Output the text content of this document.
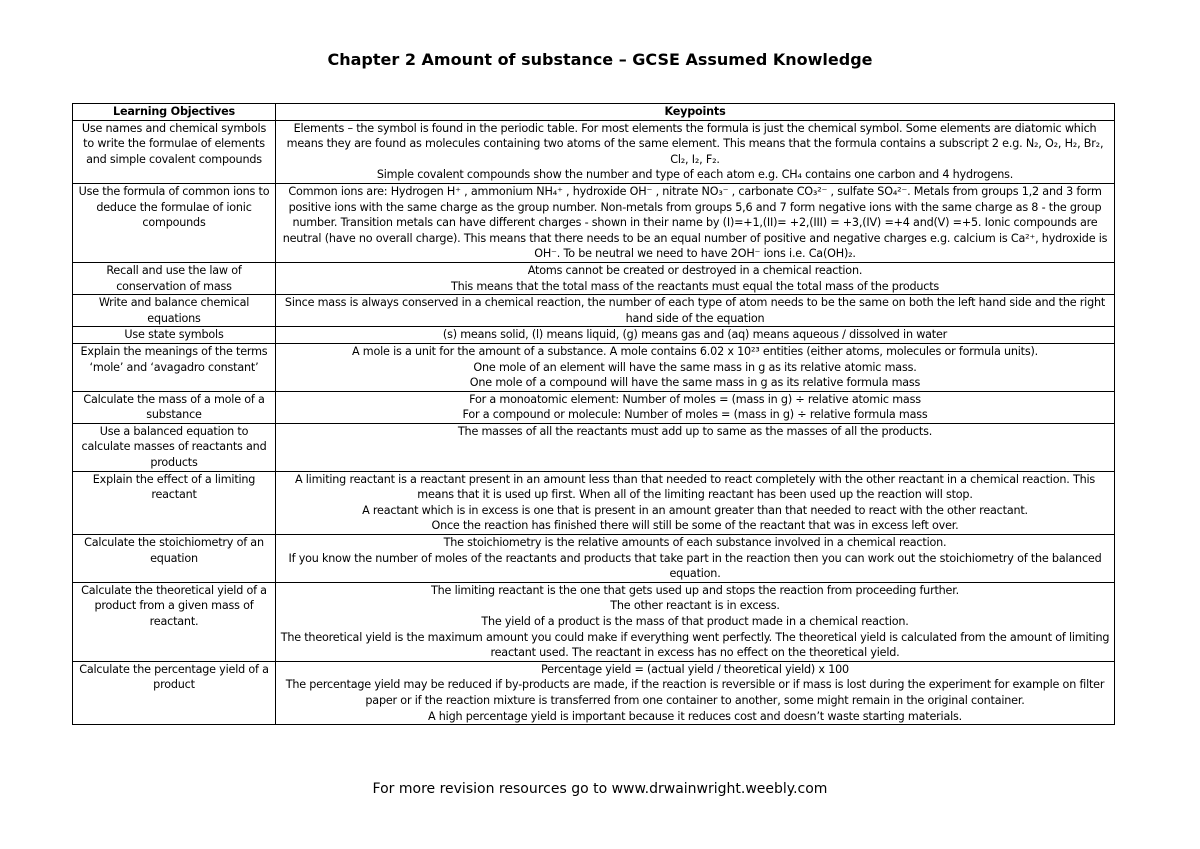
Chapter 2 Amount of substance – GCSE Assumed Knowledge
Learning Objectives	Keypoints
Use names and chemical symbols to write the formulae of elements and simple covalent compounds	Elements – the symbol is found in the periodic table. For most elements the formula is just the chemical symbol. Some elements are diatomic which means they are found as molecules containing two atoms of the same element. This means that the formula contains a subscript 2 e.g. N₂, O₂, H₂, Br₂, Cl₂, I₂, F₂.
Simple covalent compounds show the number and type of each atom e.g. CH₄ contains one carbon and 4 hydrogens.

Use the formula of common ions to deduce the formulae of ionic compounds	Common ions are: Hydrogen H⁺ , ammonium NH₄⁺ , hydroxide OH⁻ , nitrate NO₃⁻ , carbonate CO₃²⁻ , sulfate SO₄²⁻. Metals from groups 1,2 and 3 form positive ions with the same charge as the group number. Non-metals from groups 5,6 and 7 form negative ions with the same charge as 8 - the group number. Transition metals can have different charges - shown in their name by (I)=+1,(II)= +2,(III) = +3,(IV) =+4 and(V) =+5. Ionic compounds are neutral (have no overall charge). This means that there needs to be an equal number of positive and negative charges e.g. calcium is Ca²⁺, hydroxide is OH⁻. To be neutral we need to have 2OH⁻ ions i.e. Ca(OH)₂.

Recall and use the law of conservation of mass	Atoms cannot be created or destroyed in a chemical reaction.
This means that the total mass of the reactants must equal the total mass of the products

Write and balance chemical equations	Since mass is always conserved in a chemical reaction, the number of each type of atom needs to be the same on both the left hand side and the right hand side of the equation

Use state symbols	(s) means solid, (l) means liquid, (g) means gas and (aq) means aqueous / dissolved in water

Explain the meanings of the terms ‘mole’ and ‘avagadro constant’	A mole is a unit for the amount of a substance. A mole contains 6.02 x 10²³ entities (either atoms, molecules or formula units).
One mole of an element will have the same mass in g as its relative atomic mass.
One mole of a compound will have the same mass in g as its relative formula mass

Calculate the mass of a mole of a substance	For a monoatomic element: Number of moles = (mass in g) ÷ relative atomic mass
For a compound or molecule: Number of moles = (mass in g) ÷ relative formula mass

Use a balanced equation to calculate masses of reactants and products	The masses of all the reactants must add up to same as the masses of all the products.

Explain the effect of a limiting reactant	A limiting reactant is a reactant present in an amount less than that needed to react completely with the other reactant in a chemical reaction. This means that it is used up first. When all of the limiting reactant has been used up the reaction will stop.
A reactant which is in excess is one that is present in an amount greater than that needed to react with the other reactant.
Once the reaction has finished there will still be some of the reactant that was in excess left over.

Calculate the stoichiometry of an equation	The stoichiometry is the relative amounts of each substance involved in a chemical reaction.
If you know the number of moles of the reactants and products that take part in the reaction then you can work out the stoichiometry of the balanced equation.

Calculate the theoretical yield of a product from a given mass of reactant.	The limiting reactant is the one that gets used up and stops the reaction from proceeding further.
The other reactant is in excess.
The yield of a product is the mass of that product made in a chemical reaction.
The theoretical yield is the maximum amount you could make if everything went perfectly. The theoretical yield is calculated from the amount of limiting reactant used. The reactant in excess has no effect on the theoretical yield.

Calculate the percentage yield of a product	Percentage yield = (actual yield / theoretical yield) x 100
The percentage yield may be reduced if by-products are made, if the reaction is reversible or if mass is lost during the experiment for example on filter paper or if the reaction mixture is transferred from one container to another, some might remain in the original container.
A high percentage yield is important because it reduces cost and doesn’t waste starting materials.
For more revision resources go to www.drwainwright.weebly.com
